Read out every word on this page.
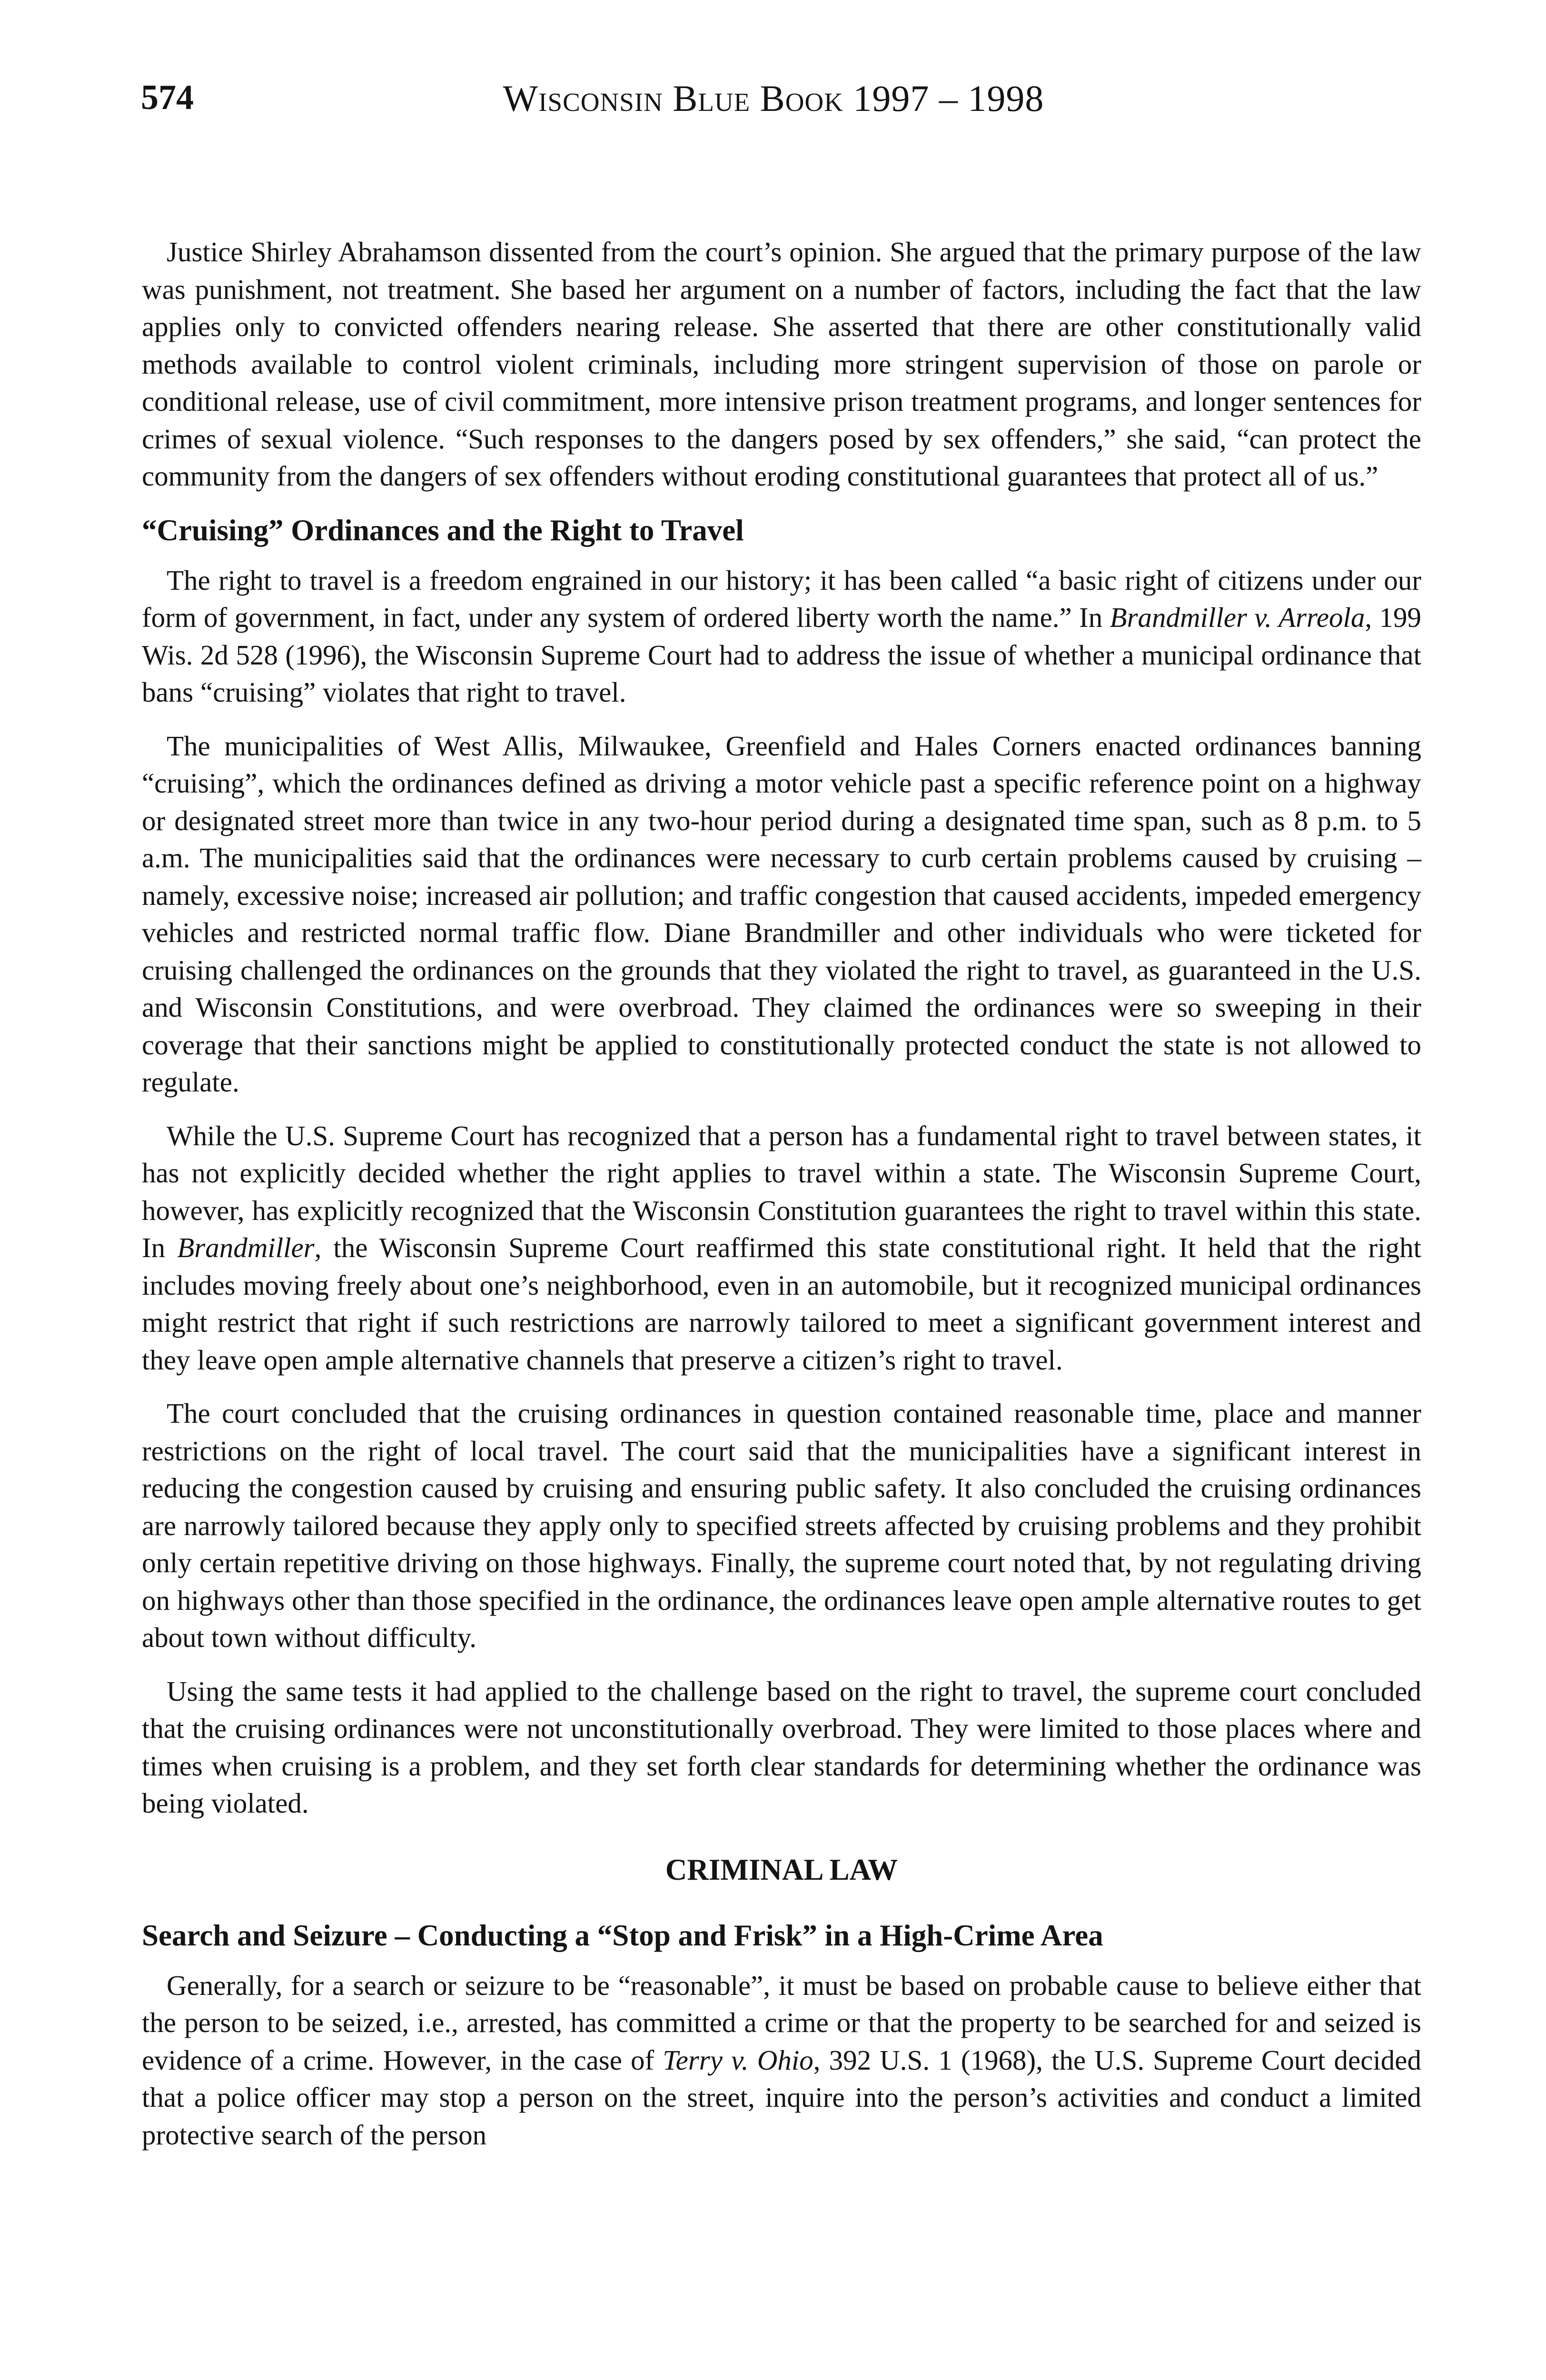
574	Wisconsin Blue Book 1997 – 1998

Justice Shirley Abrahamson dissented from the court’s opinion. She argued that the primary purpose of the law was punishment, not treatment. She based her argument on a number of factors, including the fact that the law applies only to convicted offenders nearing release. She asserted that there are other constitutionally valid methods available to control violent criminals, including more stringent supervision of those on parole or conditional release, use of civil commitment, more intensive prison treatment programs, and longer sentences for crimes of sexual violence. “Such responses to the dangers posed by sex offenders,” she said, “can protect the community from the dangers of sex offenders without eroding constitutional guarantees that protect all of us.”

“Cruising” Ordinances and the Right to Travel

The right to travel is a freedom engrained in our history; it has been called “a basic right of citizens under our form of government, in fact, under any system of ordered liberty worth the name.” In Brandmiller v. Arreola, 199 Wis. 2d 528 (1996), the Wisconsin Supreme Court had to address the issue of whether a municipal ordinance that bans “cruising” violates that right to travel.

The municipalities of West Allis, Milwaukee, Greenfield and Hales Corners enacted ordinances banning “cruising”, which the ordinances defined as driving a motor vehicle past a specific reference point on a highway or designated street more than twice in any two-hour period during a designated time span, such as 8 p.m. to 5 a.m. The municipalities said that the ordinances were necessary to curb certain problems caused by cruising – namely, excessive noise; increased air pollution; and traffic congestion that caused accidents, impeded emergency vehicles and restricted normal traffic flow. Diane Brandmiller and other individuals who were ticketed for cruising challenged the ordinances on the grounds that they violated the right to travel, as guaranteed in the U.S. and Wisconsin Constitutions, and were overbroad. They claimed the ordinances were so sweeping in their coverage that their sanctions might be applied to constitutionally protected conduct the state is not allowed to regulate.

While the U.S. Supreme Court has recognized that a person has a fundamental right to travel between states, it has not explicitly decided whether the right applies to travel within a state. The Wisconsin Supreme Court, however, has explicitly recognized that the Wisconsin Constitution guarantees the right to travel within this state. In Brandmiller, the Wisconsin Supreme Court reaffirmed this state constitutional right. It held that the right includes moving freely about one’s neighborhood, even in an automobile, but it recognized municipal ordinances might restrict that right if such restrictions are narrowly tailored to meet a significant government interest and they leave open ample alternative channels that preserve a citizen’s right to travel.

The court concluded that the cruising ordinances in question contained reasonable time, place and manner restrictions on the right of local travel. The court said that the municipalities have a significant interest in reducing the congestion caused by cruising and ensuring public safety. It also concluded the cruising ordinances are narrowly tailored because they apply only to specified streets affected by cruising problems and they prohibit only certain repetitive driving on those highways. Finally, the supreme court noted that, by not regulating driving on highways other than those specified in the ordinance, the ordinances leave open ample alternative routes to get about town without difficulty.

Using the same tests it had applied to the challenge based on the right to travel, the supreme court concluded that the cruising ordinances were not unconstitutionally overbroad. They were limited to those places where and times when cruising is a problem, and they set forth clear standards for determining whether the ordinance was being violated.

CRIMINAL LAW
Search and Seizure – Conducting a “Stop and Frisk” in a High-Crime Area

Generally, for a search or seizure to be “reasonable”, it must be based on probable cause to believe either that the person to be seized, i.e., arrested, has committed a crime or that the property to be searched for and seized is evidence of a crime. However, in the case of Terry v. Ohio, 392 U.S. 1 (1968), the U.S. Supreme Court decided that a police officer may stop a person on the street, inquire into the person’s activities and conduct a limited protective search of the person
